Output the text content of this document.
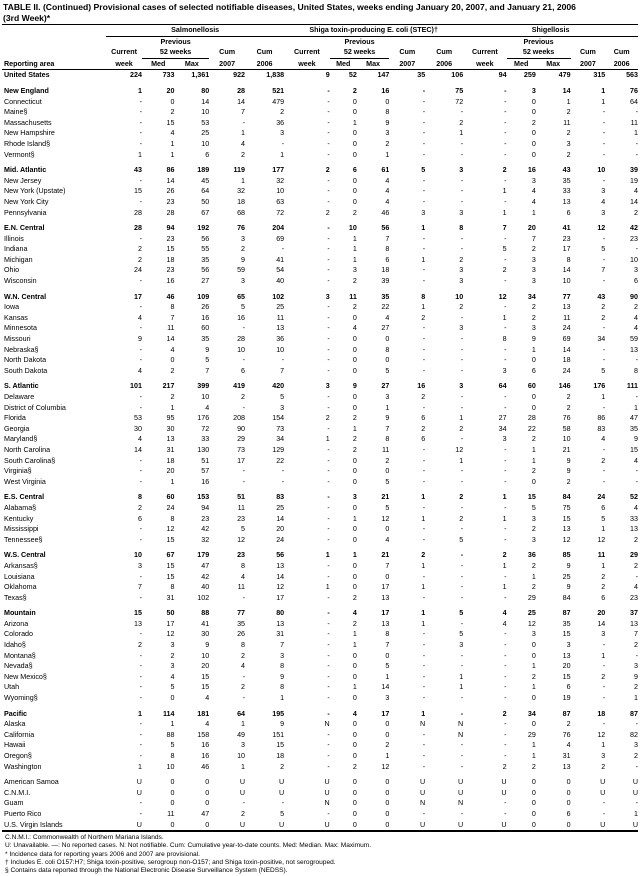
TABLE II. (Continued) Provisional cases of selected notifiable diseases, United States, weeks ending January 20, 2007, and January 21, 2006
(3rd Week)*
	Salmonellosis					Shiga toxin-producing E. coli (STEC)†					Shigellosis				
		Previous					Previous					Previous			
	Current	52 weeks		Cum	Cum	Current	52 weeks		Cum	Cum	Current	52 weeks		Cum	Cum
Reporting area	week	Med	Max	2007	2006	week	Med	Max	2007	2006	week	Med	Max	2007	2006
United States	224	733	1,361	922	1,838	9	52	147	35	106	94	259	479	315	563

New England	1	20	80	28	521	-	2	16	-	75	-	3	14	1	76
Connecticut	-	0	14	14	479	-	0	0	-	72	-	0	1	1	64
Maine§	-	2	10	7	2	-	0	8	-	-	-	0	2	-	-
Massachusetts	-	15	53	-	36	-	1	9	-	2	-	2	11	-	11
New Hampshire	-	4	25	1	3	-	0	3	-	1	-	0	2	-	1
Rhode Island§	-	1	10	4	-	-	0	2	-	-	-	0	3	-	-
Vermont§	1	1	6	2	1	-	0	1	-	-	-	0	2	-	-

Mid. Atlantic	43	86	189	119	177	2	6	61	5	3	2	16	43	10	39
New Jersey	-	14	45	1	32	-	0	4	-	-	-	3	35	-	19
New York (Upstate)	15	26	64	32	10	-	0	4	-	-	1	4	33	3	4
New York City	-	23	50	18	63	-	0	4	-	-	-	4	13	4	14
Pennsylvania	28	28	67	68	72	2	2	46	3	3	1	1	6	3	2

E.N. Central	28	94	192	76	204	-	10	56	1	8	7	20	41	12	42
Illinois	-	23	56	3	69	-	1	7	-	-	-	7	23	-	23
Indiana	2	15	55	2	-	-	1	8	-	-	5	2	17	5	-
Michigan	2	18	35	9	41	-	1	6	1	2	-	3	8	-	10
Ohio	24	23	56	59	54	-	3	18	-	3	2	3	14	7	3
Wisconsin	-	16	27	3	40	-	2	39	-	3	-	3	10	-	6

W.N. Central	17	46	109	65	102	3	11	35	8	10	12	34	77	43	90
Iowa	-	8	26	5	25	-	2	22	1	2	-	2	13	2	2
Kansas	4	7	16	16	11	-	0	4	2	-	1	2	11	2	4
Minnesota	-	11	60	-	13	-	4	27	-	3	-	3	24	-	4
Missouri	9	14	35	28	36	-	0	0	-	-	8	9	69	34	59
Nebraska§	-	4	9	10	10	-	0	8	-	-	-	1	14	-	13
North Dakota	-	0	5	-	-	-	0	0	-	-	-	0	18	-	-
South Dakota	4	2	7	6	7	-	0	5	-	-	3	6	24	5	8

S. Atlantic	101	217	399	419	420	3	9	27	16	3	64	60	146	176	111
Delaware	-	2	10	2	5	-	0	3	2	-	-	0	2	1	-
District of Columbia	-	1	4	-	3	-	0	1	-	-	-	0	2	-	1
Florida	53	95	176	208	154	2	2	9	6	1	27	28	76	86	47
Georgia	30	30	72	90	73	-	1	7	2	2	34	22	58	83	35
Maryland§	4	13	33	29	34	1	2	8	6	-	3	2	10	4	9
North Carolina	14	31	130	73	129	-	2	11	-	12	-	1	21	-	15
South Carolina§	-	18	51	17	22	-	0	2	-	1	-	1	9	2	4
Virginia§	-	20	57	-	-	-	0	0	-	-	-	2	9	-	-
West Virginia	-	1	16	-	-	-	0	5	-	-	-	0	2	-	-

E.S. Central	8	60	153	51	83	-	3	21	1	2	1	15	84	24	52
Alabama§	2	24	94	11	25	-	0	5	-	-	-	5	75	6	4
Kentucky	6	8	23	23	14	-	1	12	1	2	1	3	15	5	33
Mississippi	-	12	42	5	20	-	0	0	-	-	-	2	13	1	13
Tennessee§	-	15	32	12	24	-	0	4	-	5	-	3	12	12	2

W.S. Central	10	67	179	23	56	1	1	21	2	-	2	36	85	11	29
Arkansas§	3	15	47	8	13	-	0	7	1	-	1	2	9	1	2
Louisiana	-	15	42	4	14	-	0	0	-	-	-	1	25	2	-
Oklahoma	7	8	40	11	12	1	0	17	1	-	1	2	9	2	4
Texas§	-	31	102	-	17	-	2	13	-	-	-	29	84	6	23

Mountain	15	50	88	77	80	-	4	17	1	5	4	25	87	20	37
Arizona	13	17	41	35	13	-	2	13	1	-	4	12	35	14	13
Colorado	-	12	30	26	31	-	1	8	-	5	-	3	15	3	7
Idaho§	2	3	9	8	7	-	1	7	-	3	-	0	3	-	2
Montana§	-	2	10	2	3	-	0	0	-	-	-	0	13	1	-
Nevada§	-	3	20	4	8	-	0	5	-	-	-	1	20	-	3
New Mexico§	-	4	15	-	9	-	0	1	-	1	-	2	15	2	9
Utah	-	5	15	2	8	-	1	14	-	1	-	1	6	-	2
Wyoming§	-	0	4	-	1	-	0	3	-	-	-	0	19	-	1

Pacific	1	114	181	64	195	-	4	17	1	-	2	34	87	18	87
Alaska	-	1	4	1	9	N	0	0	N	N	-	0	2	-	-
California	-	88	158	49	151	-	0	0	-	N	-	29	76	12	82
Hawaii	-	5	16	3	15	-	0	2	-	-	-	1	4	1	3
Oregon§	-	8	16	10	18	-	0	1	-	-	-	1	31	3	2
Washington	1	10	46	1	2	-	2	12	-	-	2	2	13	2	-

American Samoa	U	0	0	U	U	U	0	0	U	U	U	0	0	U	U
C.N.M.I.	U	0	0	U	U	U	0	0	U	U	U	0	0	U	U
Guam	-	0	0	-	-	N	0	0	N	N	-	0	0	-	-
Puerto Rico	-	11	47	2	5	-	0	0	-	-	-	0	6	-	1
U.S. Virgin Islands	U	0	0	U	U	U	0	0	U	U	U	0	0	U	U
C.N.M.I.: Commonwealth of Northern Mariana Islands.
U: Unavailable. —: No reported cases. N: Not notifiable. Cum: Cumulative year-to-date counts. Med: Median. Max: Maximum.
* Incidence data for reporting years 2006 and 2007 are provisional.
† Includes E. coli O157:H7; Shiga toxin-positive, serogroup non-O157; and Shiga toxin-positive, not serogrouped.
§ Contains data reported through the National Electronic Disease Surveillance System (NEDSS).
